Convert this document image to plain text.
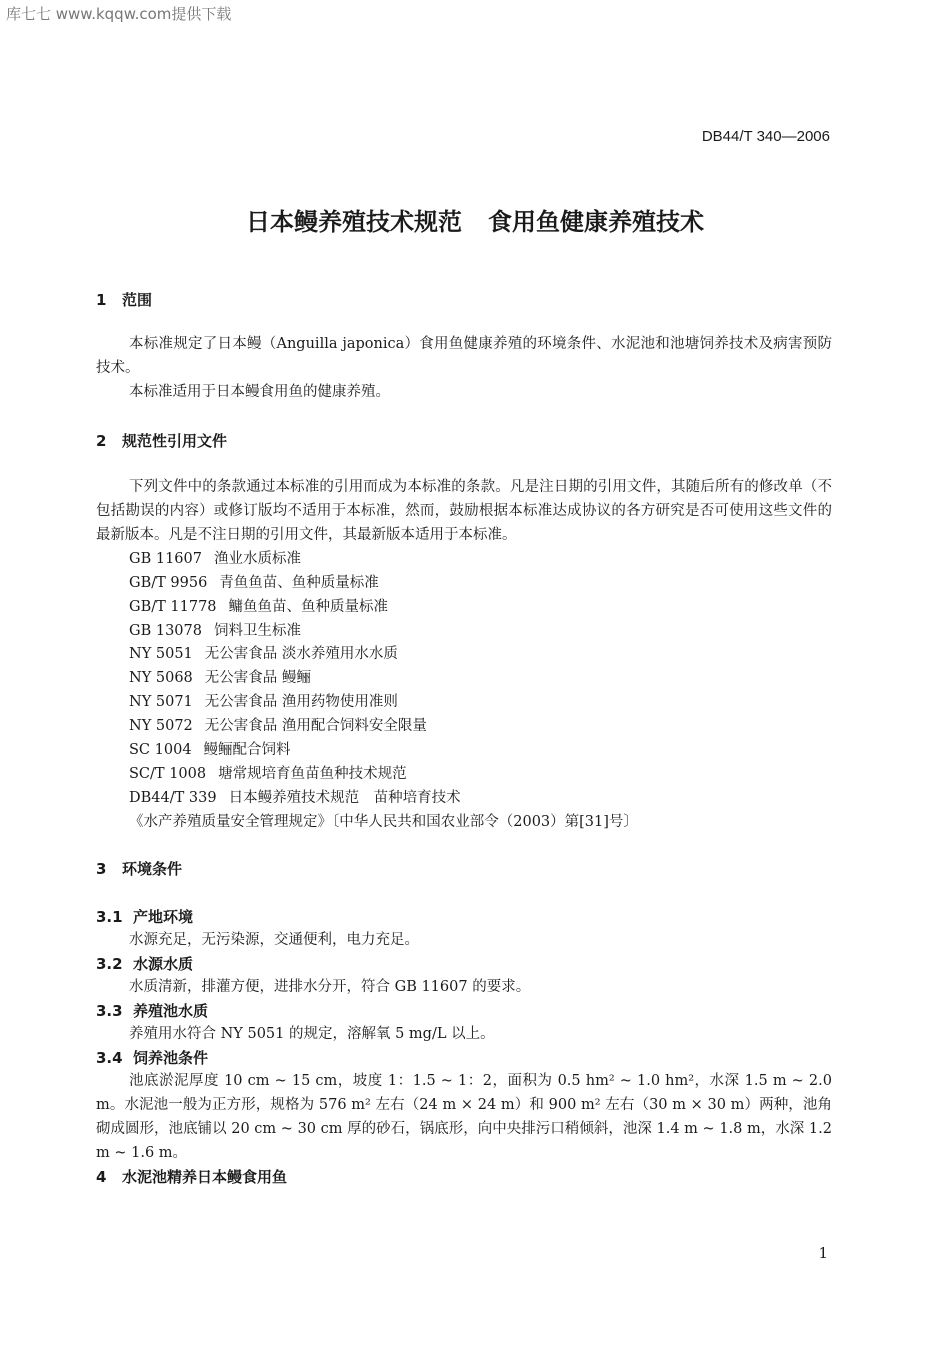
库七七 www.kqqw.com提供下载
DB44/T 340—2006
日本鳗养殖技术规范 食用鱼健康养殖技术
1 范围
本标准规定了日本鳗（Anguilla japonica）食用鱼健康养殖的环境条件、水泥池和池塘饲养技术及病害预防技术。
本标准适用于日本鳗食用鱼的健康养殖。
2 规范性引用文件
下列文件中的条款通过本标准的引用而成为本标准的条款。凡是注日期的引用文件，其随后所有的修改单（不包括勘误的内容）或修订版均不适用于本标准，然而，鼓励根据本标准达成协议的各方研究是否可使用这些文件的最新版本。凡是不注日期的引用文件，其最新版本适用于本标准。
GB 11607 渔业水质标准
GB/T 9956 青鱼鱼苗、鱼种质量标准
GB/T 11778 鳙鱼鱼苗、鱼种质量标准
GB 13078 饲料卫生标准
NY 5051 无公害食品 淡水养殖用水水质
NY 5068 无公害食品 鳗鲡
NY 5071 无公害食品 渔用药物使用准则
NY 5072 无公害食品 渔用配合饲料安全限量
SC 1004 鳗鲡配合饲料
SC/T 1008 塘常规培育鱼苗鱼种技术规范
DB44/T 339 日本鳗养殖技术规范　苗种培育技术
《水产养殖质量安全管理规定》〔中华人民共和国农业部令（2003）第[31]号〕
3 环境条件
3.1 产地环境
水源充足，无污染源，交通便利，电力充足。
3.2 水源水质
水质清新，排灌方便，进排水分开，符合 GB 11607 的要求。
3.3 养殖池水质
养殖用水符合 NY 5051 的规定，溶解氧 5 mg/L 以上。
3.4 饲养池条件
池底淤泥厚度 10 cm ~ 15 cm，坡度 1：1.5 ~ 1：2，面积为 0.5 hm² ~ 1.0 hm²，水深 1.5 m ~ 2.0 m。水泥池一般为正方形，规格为 576 m² 左右（24 m × 24 m）和 900 m² 左右（30 m × 30 m）两种，池角砌成圆形，池底铺以 20 cm ~ 30 cm 厚的砂石，锅底形，向中央排污口稍倾斜，池深 1.4 m ~ 1.8 m，水深 1.2 m ~ 1.6 m。
4 水泥池精养日本鳗食用鱼
1
